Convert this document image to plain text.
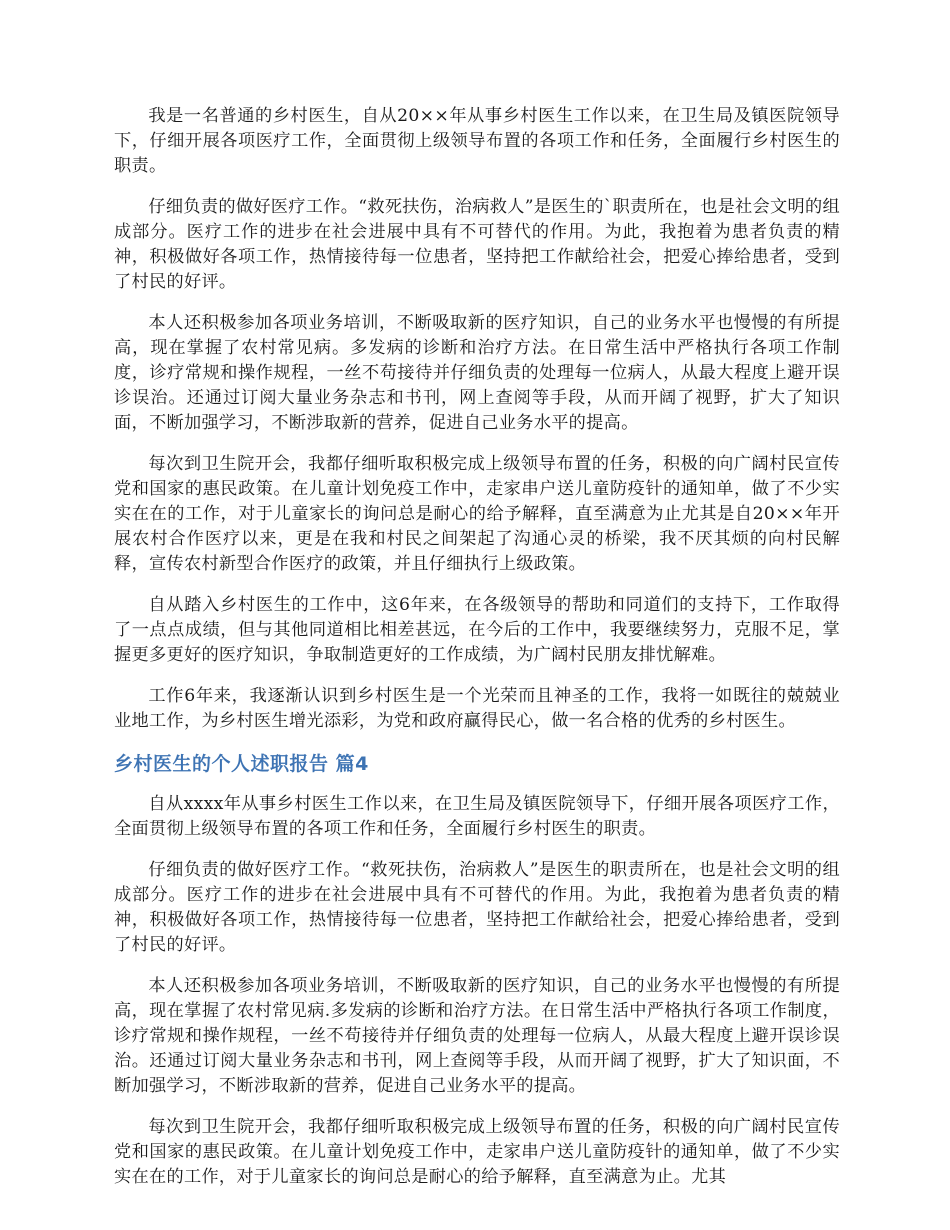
我是一名普通的乡村医生，自从20××年从事乡村医生工作以来，在卫生局及镇医院领导下，仔细开展各项医疗工作，全面贯彻上级领导布置的各项工作和任务，全面履行乡村医生的职责。

仔细负责的做好医疗工作。“救死扶伤，治病救人”是医生的`职责所在，也是社会文明的组成部分。医疗工作的进步在社会进展中具有不可替代的作用。为此，我抱着为患者负责的精神，积极做好各项工作，热情接待每一位患者，坚持把工作献给社会，把爱心捧给患者，受到了村民的好评。

本人还积极参加各项业务培训，不断吸取新的医疗知识，自己的业务水平也慢慢的有所提高，现在掌握了农村常见病。多发病的诊断和治疗方法。在日常生活中严格执行各项工作制度，诊疗常规和操作规程，一丝不苟接待并仔细负责的处理每一位病人，从最大程度上避开误诊误治。还通过订阅大量业务杂志和书刊，网上查阅等手段，从而开阔了视野，扩大了知识面，不断加强学习，不断涉取新的营养，促进自己业务水平的提高。

每次到卫生院开会，我都仔细听取积极完成上级领导布置的任务，积极的向广阔村民宣传党和国家的惠民政策。在儿童计划免疫工作中，走家串户送儿童防疫针的通知单，做了不少实实在在的工作，对于儿童家长的询问总是耐心的给予解释，直至满意为止尤其是自20××年开展农村合作医疗以来，更是在我和村民之间架起了沟通心灵的桥梁，我不厌其烦的向村民解释，宣传农村新型合作医疗的政策，并且仔细执行上级政策。

自从踏入乡村医生的工作中，这6年来，在各级领导的帮助和同道们的支持下，工作取得了一点点成绩，但与其他同道相比相差甚远，在今后的工作中，我要继续努力，克服不足，掌握更多更好的医疗知识，争取制造更好的工作成绩，为广阔村民朋友排忧解难。

工作6年来，我逐渐认识到乡村医生是一个光荣而且神圣的工作，我将一如既往的兢兢业业地工作，为乡村医生增光添彩，为党和政府赢得民心，做一名合格的优秀的乡村医生。

乡村医生的个人述职报告 篇4

自从xxxx年从事乡村医生工作以来，在卫生局及镇医院领导下，仔细开展各项医疗工作，全面贯彻上级领导布置的各项工作和任务，全面履行乡村医生的职责。

仔细负责的做好医疗工作。“救死扶伤，治病救人”是医生的职责所在，也是社会文明的组成部分。医疗工作的进步在社会进展中具有不可替代的作用。为此，我抱着为患者负责的精神，积极做好各项工作，热情接待每一位患者，坚持把工作献给社会，把爱心捧给患者，受到了村民的好评。

本人还积极参加各项业务培训，不断吸取新的医疗知识，自己的业务水平也慢慢的有所提高，现在掌握了农村常见病.多发病的诊断和治疗方法。在日常生活中严格执行各项工作制度，诊疗常规和操作规程，一丝不苟接待并仔细负责的处理每一位病人，从最大程度上避开误诊误治。还通过订阅大量业务杂志和书刊，网上查阅等手段，从而开阔了视野，扩大了知识面，不断加强学习，不断涉取新的营养，促进自己业务水平的提高。

每次到卫生院开会，我都仔细听取积极完成上级领导布置的任务，积极的向广阔村民宣传党和国家的惠民政策。在儿童计划免疫工作中，走家串户送儿童防疫针的通知单，做了不少实实在在的工作，对于儿童家长的询问总是耐心的给予解释，直至满意为止。尤其
